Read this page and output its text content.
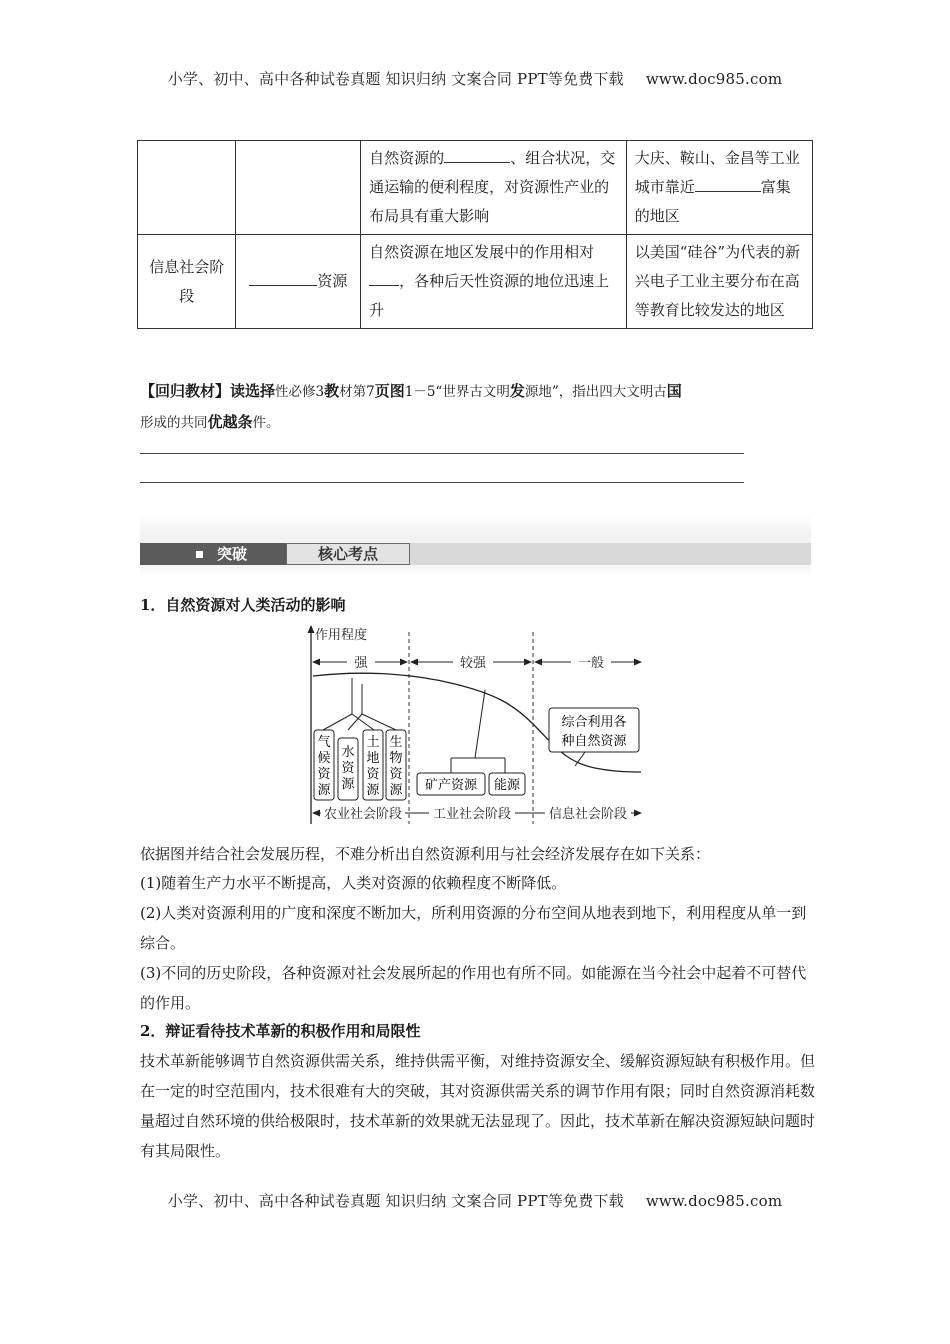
小学、初中、高中各种试卷真题 知识归纳 文案合同 PPT等免费下载 www.doc985.com
		自然资源的 、组合状况，交通运输的便利程度，对资源性产业的布局具有重大影响	大庆、鞍山、金昌等工业城市靠近 富集的地区
信息社会阶段	资源	自然资源在地区发展中的作用相对，各种后天性资源的地位迅速上升	以美国“硅谷”为代表的新兴电子工业主要分布在高等教育比较发达的地区
【回归教材】读选择性必修3教材第7页图1－5“世界古文明发源地”，指出四大文明古国
形成的共同优越条件。
突破	核心考点
1．自然资源对人类活动的影响
作用程度
强	较强	一般
气候资源
水资源
土地资源
生物资源 矿产资源 能源
综合利用各
种自然资源
农业社会阶段 工业社会阶段	信息社会阶段
依据图并结合社会发展历程，不难分析出自然资源利用与社会经济发展存在如下关系：
(1)随着生产力水平不断提高，人类对资源的依赖程度不断降低。
(2)人类对资源利用的广度和深度不断加大，所利用资源的分布空间从地表到地下，利用程度从单一到综合。
(3)不同的历史阶段，各种资源对社会发展所起的作用也有所不同。如能源在当今社会中起着不可替代的作用。
2．辩证看待技术革新的积极作用和局限性
技术革新能够调节自然资源供需关系，维持供需平衡，对维持资源安全、缓解资源短缺有积极作用。但在一定的时空范围内，技术很难有大的突破，其对资源供需关系的调节作用有限；同时自然资源消耗数量超过自然环境的供给极限时，技术革新的效果就无法显现了。因此，技术革新在解决资源短缺问题时有其局限性。
小学、初中、高中各种试卷真题 知识归纳 文案合同 PPT等免费下载 www.doc985.com
